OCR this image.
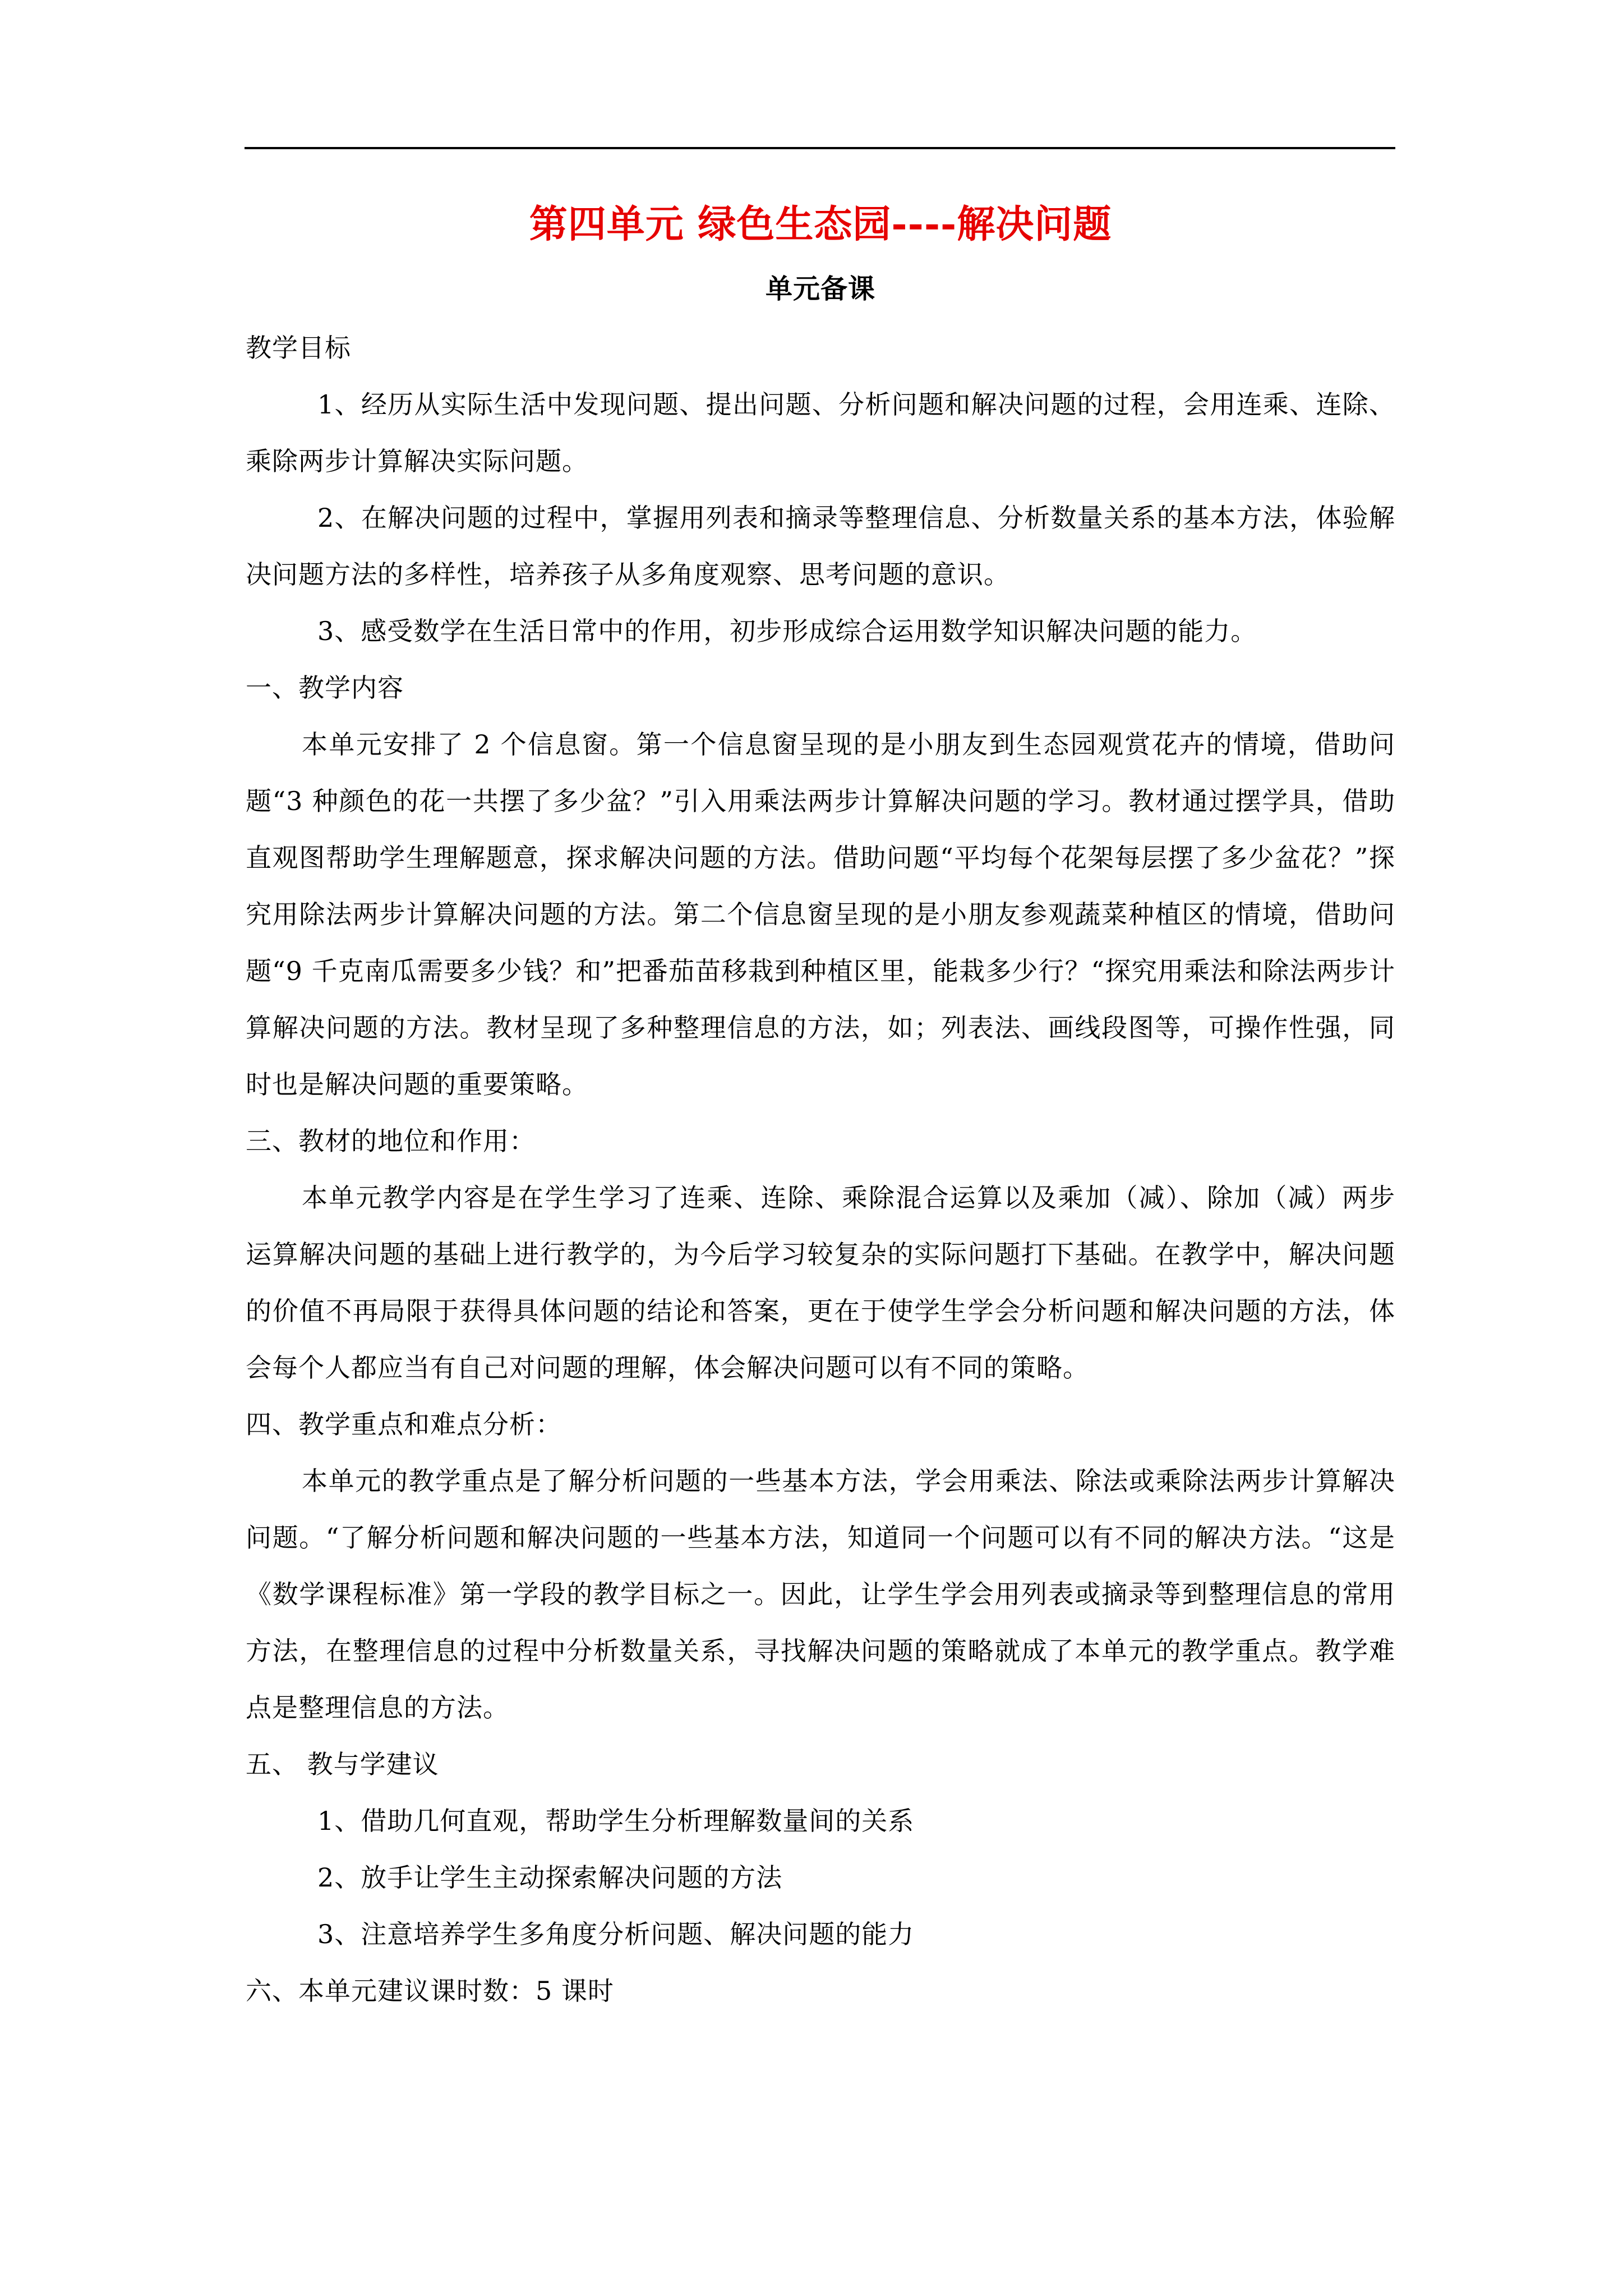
第四单元 绿色生态园----解决问题

单元备课

教学目标

1、经历从实际生活中发现问题、提出问题、分析问题和解决问题的过程，会用连乘、连除、乘除两步计算解决实际问题。

2、在解决问题的过程中，掌握用列表和摘录等整理信息、分析数量关系的基本方法，体验解决问题方法的多样性，培养孩子从多角度观察、思考问题的意识。

3、感受数学在生活日常中的作用，初步形成综合运用数学知识解决问题的能力。

一、教学内容

本单元安排了 2 个信息窗。第一个信息窗呈现的是小朋友到生态园观赏花卉的情境，借助问题“3 种颜色的花一共摆了多少盆？”引入用乘法两步计算解决问题的学习。教材通过摆学具，借助直观图帮助学生理解题意，探求解决问题的方法。借助问题“平均每个花架每层摆了多少盆花？”探究用除法两步计算解决问题的方法。第二个信息窗呈现的是小朋友参观蔬菜种植区的情境，借助问题“9 千克南瓜需要多少钱？和”把番茄苗移栽到种植区里，能栽多少行？“探究用乘法和除法两步计算解决问题的方法。教材呈现了多种整理信息的方法，如；列表法、画线段图等，可操作性强，同时也是解决问题的重要策略。

三、教材的地位和作用：

本单元教学内容是在学生学习了连乘、连除、乘除混合运算以及乘加（减）、除加（减）两步运算解决问题的基础上进行教学的，为今后学习较复杂的实际问题打下基础。在教学中，解决问题的价值不再局限于获得具体问题的结论和答案，更在于使学生学会分析问题和解决问题的方法，体会每个人都应当有自己对问题的理解，体会解决问题可以有不同的策略。

四、教学重点和难点分析：

本单元的教学重点是了解分析问题的一些基本方法，学会用乘法、除法或乘除法两步计算解决问题。“了解分析问题和解决问题的一些基本方法，知道同一个问题可以有不同的解决方法。“这是《数学课程标准》第一学段的教学目标之一。因此，让学生学会用列表或摘录等到整理信息的常用方法，在整理信息的过程中分析数量关系，寻找解决问题的策略就成了本单元的教学重点。教学难点是整理信息的方法。

五、 教与学建议

1、借助几何直观，帮助学生分析理解数量间的关系

2、放手让学生主动探索解决问题的方法

3、注意培养学生多角度分析问题、解决问题的能力

六、本单元建议课时数：5 课时
